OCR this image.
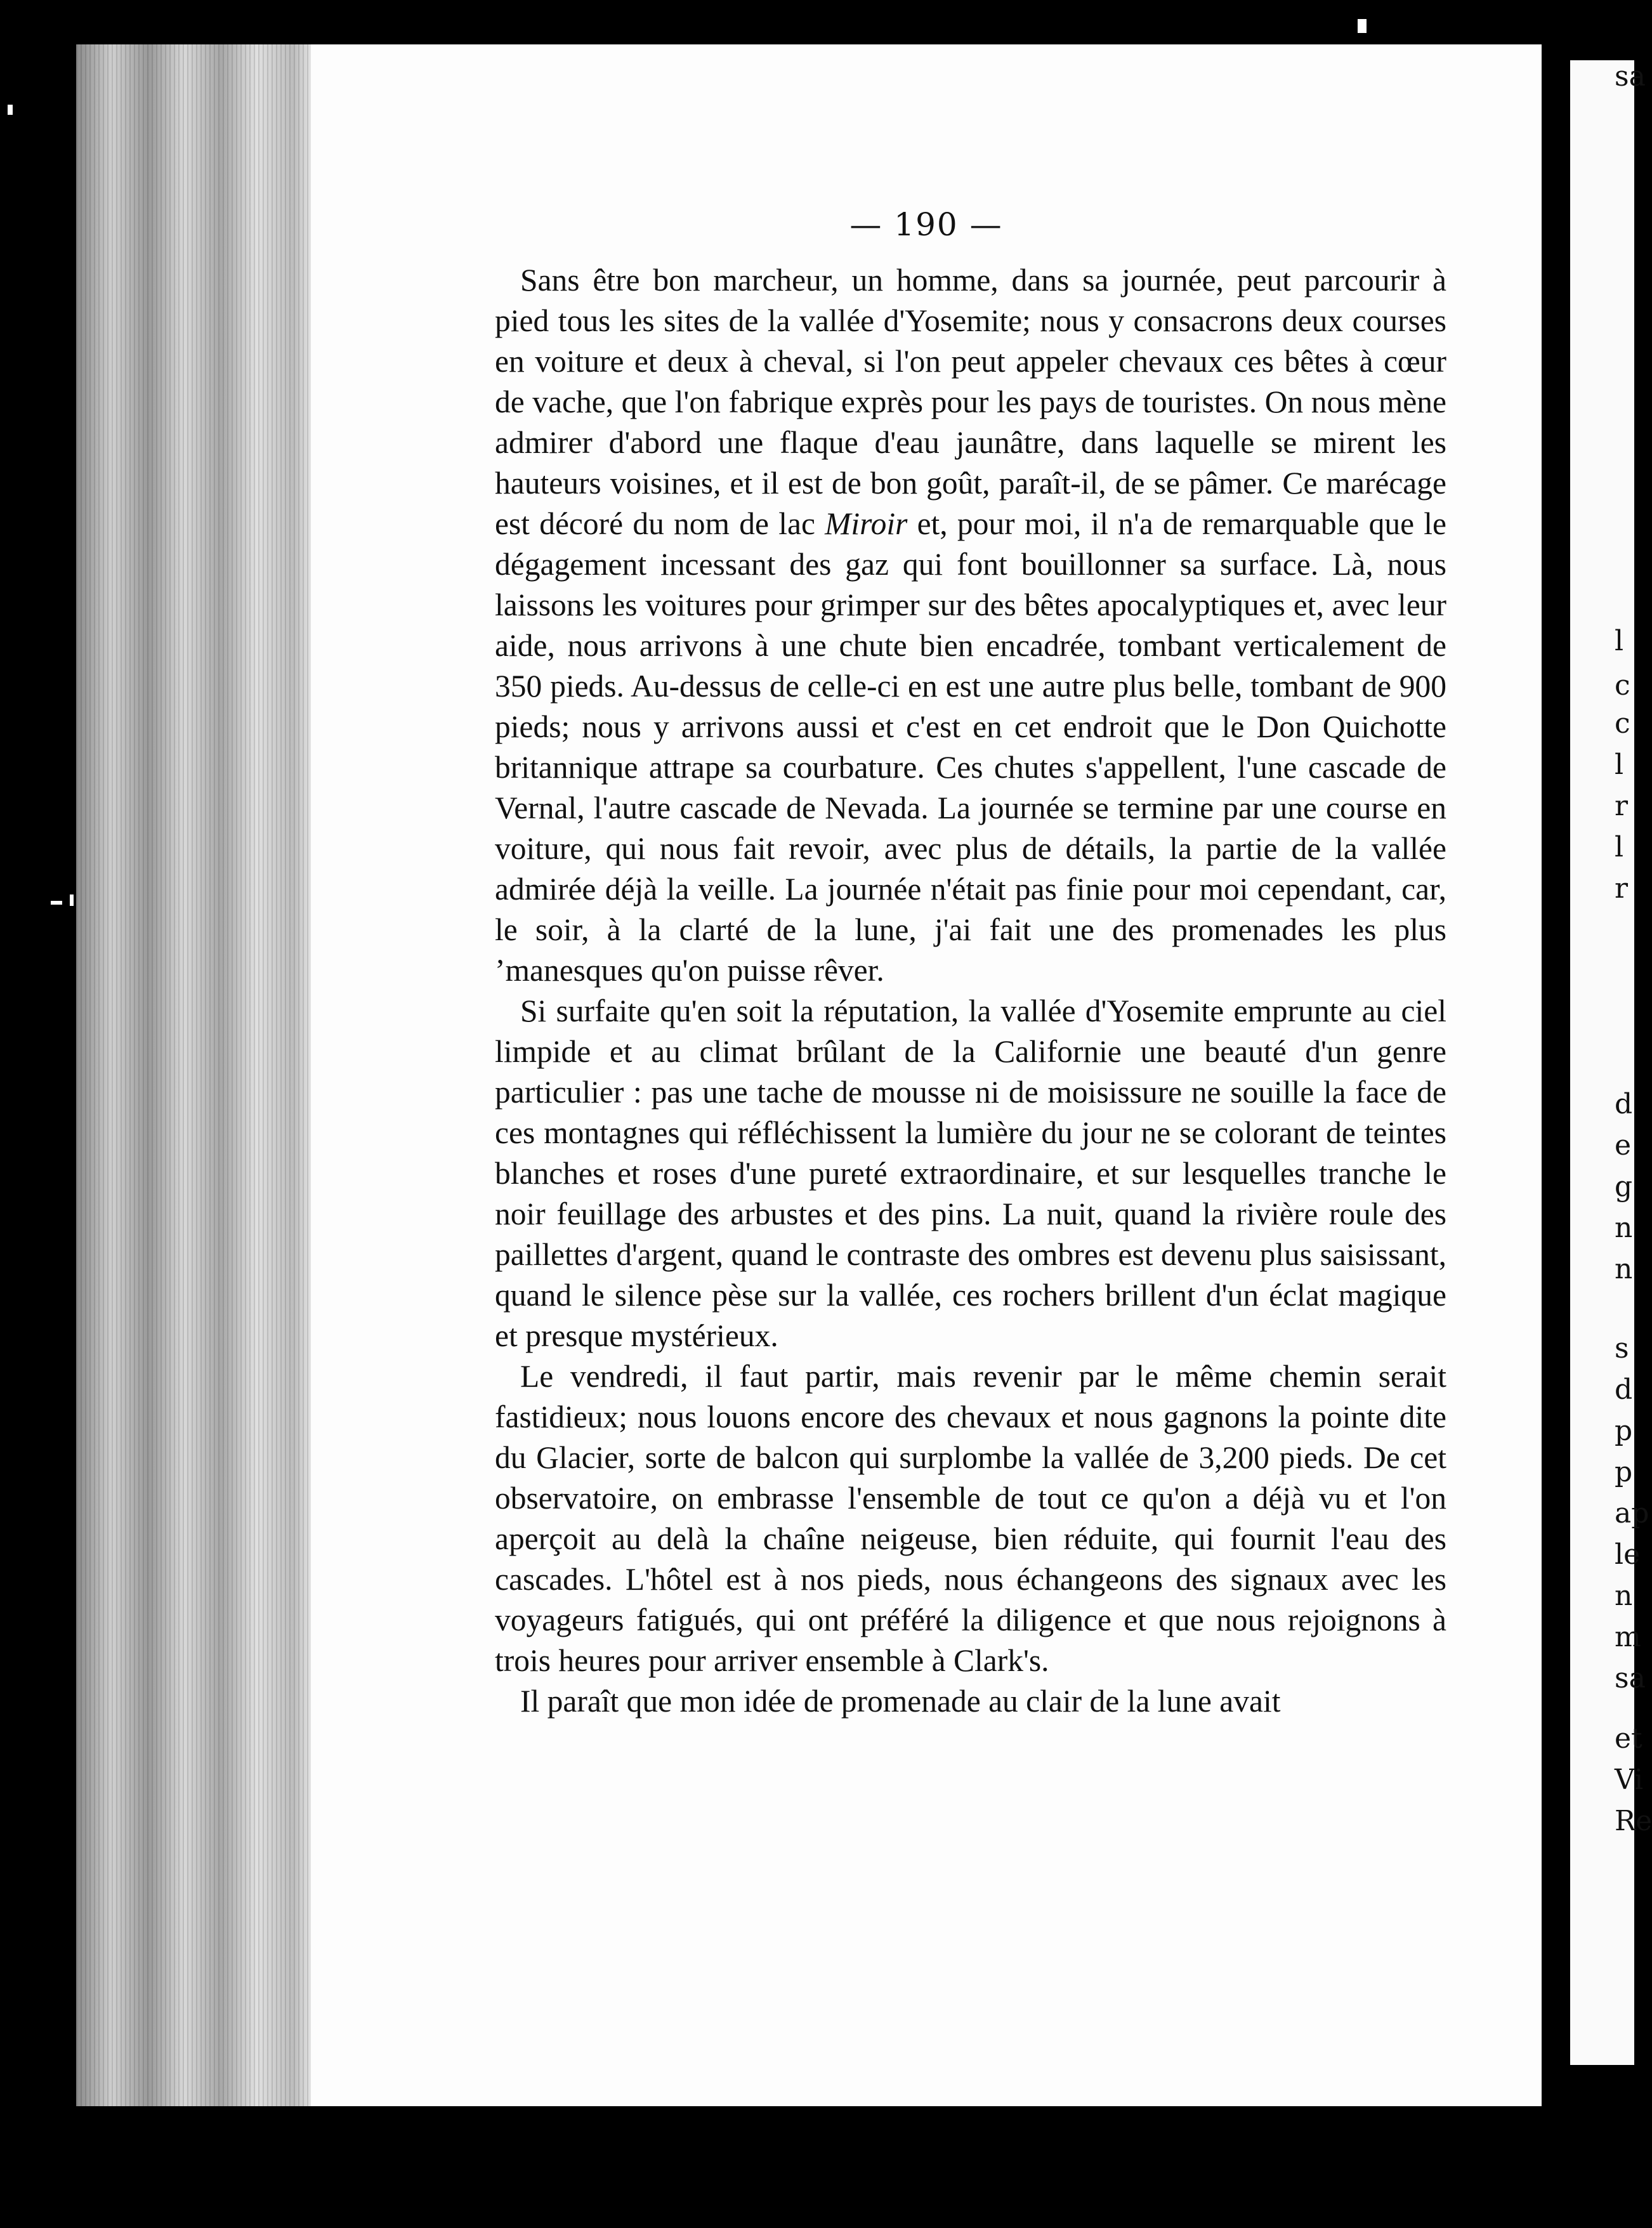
— 190 —

Sans être bon marcheur, un homme, dans sa journée, peut parcourir à pied tous les sites de la vallée d'Yosemite; nous y consacrons deux courses en voiture et deux à cheval, si l'on peut appeler chevaux ces bêtes à cœur de vache, que l'on fabrique exprès pour les pays de touristes. On nous mène admirer d'abord une flaque d'eau jaunâtre, dans laquelle se mirent les hauteurs voisines, et il est de bon goût, paraît-il, de se pâmer. Ce marécage est décoré du nom de lac Miroir et, pour moi, il n'a de remarquable que le dégagement incessant des gaz qui font bouillonner sa surface. Là, nous laissons les voitures pour grimper sur des bêtes apocalyptiques et, avec leur aide, nous arrivons à une chute bien encadrée, tombant verticalement de 350 pieds. Au-dessus de celle-ci en est une autre plus belle, tombant de 900 pieds; nous y arrivons aussi et c'est en cet endroit que le Don Quichotte britannique attrape sa courbature. Ces chutes s'appellent, l'une cascade de Vernal, l'autre cascade de Nevada. La journée se termine par une course en voiture, qui nous fait revoir, avec plus de détails, la partie de la vallée admirée déjà la veille. La journée n'était pas finie pour moi cependant, car, le soir, à la clarté de la lune, j'ai fait une des promenades les plus ʼmanesques qu'on puisse rêver.

Si surfaite qu'en soit la réputation, la vallée d'Yosemite emprunte au ciel limpide et au climat brûlant de la Californie une beauté d'un genre particulier : pas une tache de mousse ni de moisissure ne souille la face de ces montagnes qui réfléchissent la lumière du jour ne se colorant de teintes blanches et roses d'une pureté extraordinaire, et sur lesquelles tranche le noir feuillage des arbustes et des pins. La nuit, quand la rivière roule des paillettes d'argent, quand le contraste des ombres est devenu plus saisissant, quand le silence pèse sur la vallée, ces rochers brillent d'un éclat magique et presque mystérieux.

Le vendredi, il faut partir, mais revenir par le même chemin serait fastidieux; nous louons encore des chevaux et nous gagnons la pointe dite du Glacier, sorte de balcon qui surplombe la vallée de 3,200 pieds. De cet observatoire, on embrasse l'ensemble de tout ce qu'on a déjà vu et l'on aperçoit au delà la chaîne neigeuse, bien réduite, qui fournit l'eau des cascades. L'hôtel est à nos pieds, nous échangeons des signaux avec les voyageurs fatigués, qui ont préféré la diligence et que nous rejoignons à trois heures pour arriver ensemble à Clark's.

Il paraît que mon idée de promenade au clair de la lune avait

sa
l
c
c
l
r
l
r
d
e
g
n
n
s
d
p
p
ap
le
n
m
sa
et
Vi
Re
